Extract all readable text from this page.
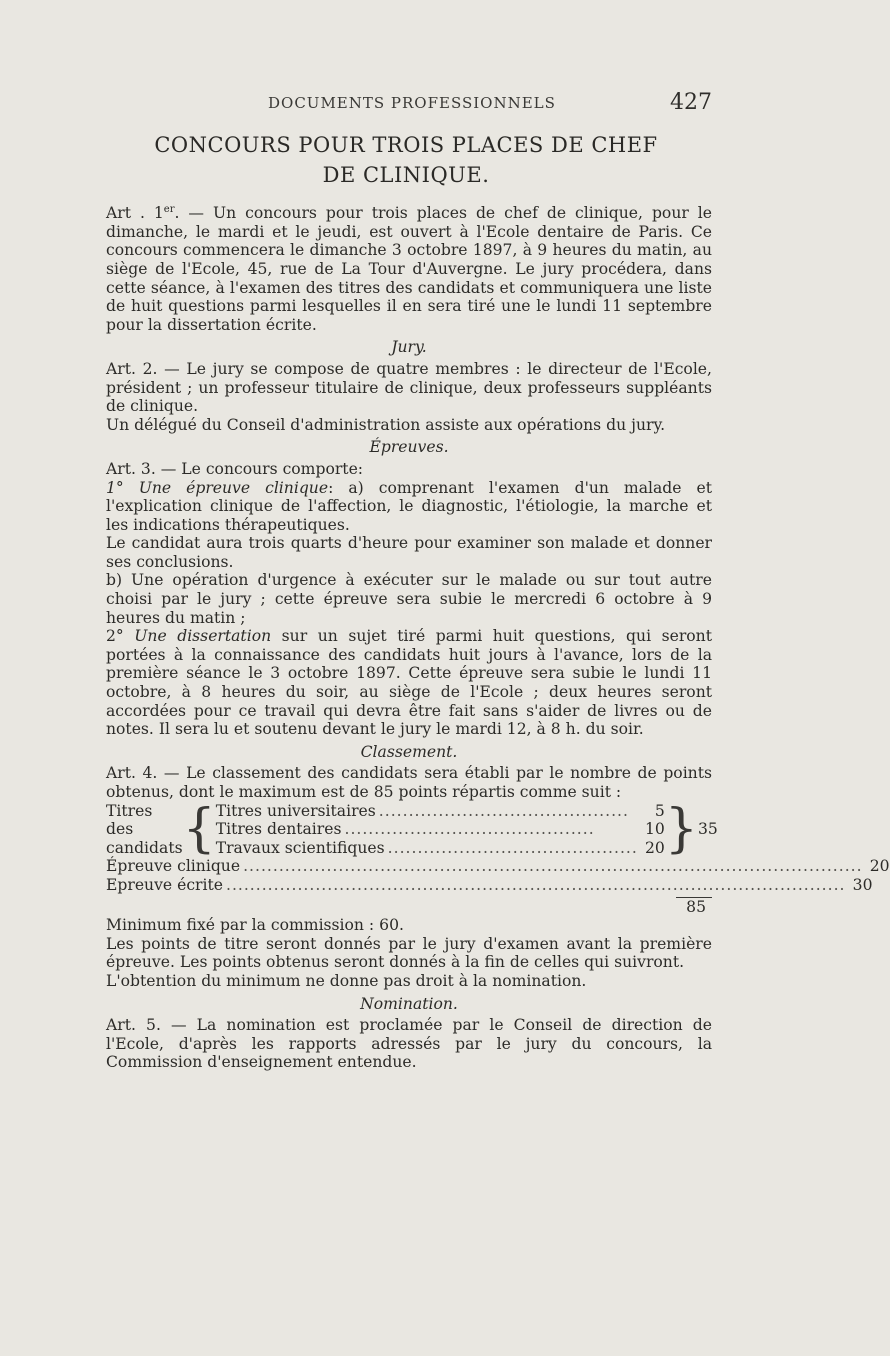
DOCUMENTS PROFESSIONNELS	427
CONCOURS POUR TROIS PLACES DE CHEF
DE CLINIQUE.

Art . 1er. — Un concours pour trois places de chef de clinique, pour le dimanche, le mardi et le jeudi, est ouvert à l'Ecole dentaire de Paris. Ce concours commencera le dimanche 3 octobre 1897, à 9 heures du matin, au siège de l'Ecole, 45, rue de La Tour d'Auvergne. Le jury procédera, dans cette séance, à l'examen des titres des candidats et communiquera une liste de huit questions parmi lesquelles il en sera tiré une le lundi 11 septembre pour la dissertation écrite.

Jury.

Art. 2. — Le jury se compose de quatre membres : le directeur de l'Ecole, président ; un professeur titulaire de clinique, deux professeurs suppléants de clinique.

Un délégué du Conseil d'administration assiste aux opérations du jury.

Épreuves.

Art. 3. — Le concours comporte:

1° Une épreuve clinique: a) comprenant l'examen d'un malade et l'explication clinique de l'affection, le diagnostic, l'étiologie, la marche et les indications thérapeutiques.

Le candidat aura trois quarts d'heure pour examiner son malade et donner ses conclusions.

b) Une opération d'urgence à exécuter sur le malade ou sur tout autre choisi par le jury ; cette épreuve sera subie le mercredi 6 octobre à 9 heures du matin ;

2° Une dissertation sur un sujet tiré parmi huit questions, qui seront portées à la connaissance des candidats huit jours à l'avance, lors de la première séance le 3 octobre 1897. Cette épreuve sera subie le lundi 11 octobre, à 8 heures du soir, au siège de l'Ecole ; deux heures seront accordées pour ce travail qui devra être fait sans s'aider de livres ou de notes. Il sera lu et soutenu devant le jury le mardi 12, à 8 h. du soir.

Classement.

Art. 4. — Le classement des candidats sera établi par le nombre de points obtenus, dont le maximum est de 85 points répartis comme suit :

Titres des candidats	{	Titres universitaires ..........................................	5
Titres dentaires ..........................................	10
Travaux scientifiques .......................................... 20	}	35
Épreuve clinique ........................................................................................................ 20
Epreuve écrite ........................................................................................................ 30
85

Minimum fixé par la commission : 60.

Les points de titre seront donnés par le jury d'examen avant la première épreuve. Les points obtenus seront donnés à la fin de celles qui suivront.

L'obtention du minimum ne donne pas droit à la nomination.

Nomination.

Art. 5. — La nomination est proclamée par le Conseil de direction de l'Ecole, d'après les rapports adressés par le jury du concours, la Commission d'enseignement entendue.
